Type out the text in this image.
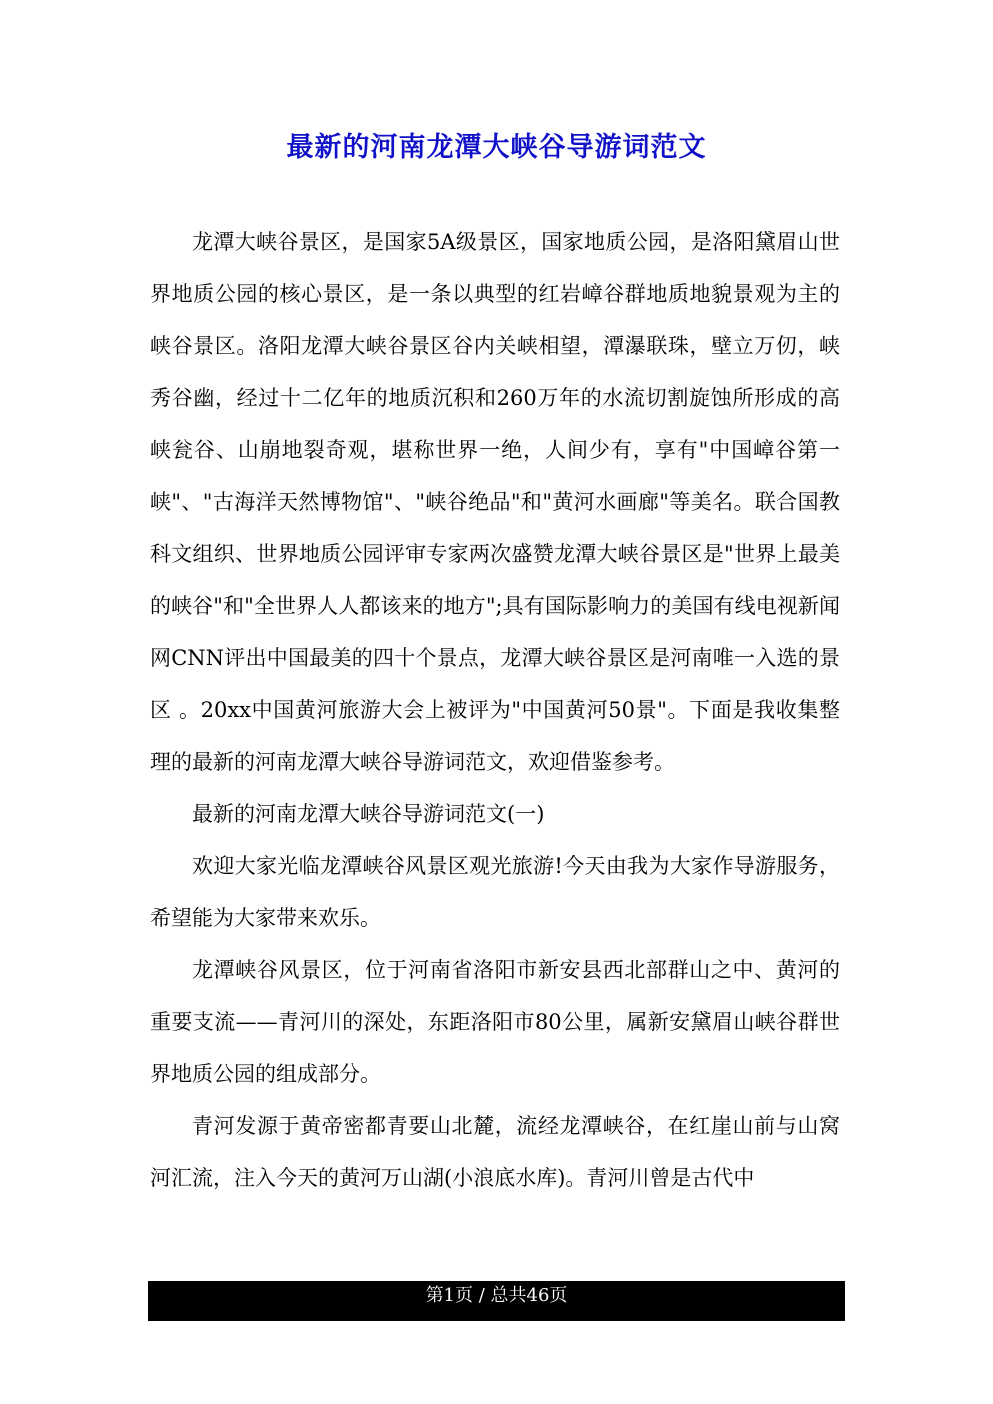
最新的河南龙潭大峡谷导游词范文

龙潭大峡谷景区，是国家5A级景区，国家地质公园，是洛阳黛眉山世界地质公园的核心景区，是一条以典型的红岩嶂谷群地质地貌景观为主的峡谷景区。洛阳龙潭大峡谷景区谷内关峡相望，潭瀑联珠，壁立万仞，峡秀谷幽，经过十二亿年的地质沉积和260万年的水流切割旋蚀所形成的高峡瓮谷、山崩地裂奇观，堪称世界一绝，人间少有，享有"中国嶂谷第一峡"、"古海洋天然博物馆"、"峡谷绝品"和"黄河水画廊"等美名。联合国教科文组织、世界地质公园评审专家两次盛赞龙潭大峡谷景区是"世界上最美的峡谷"和"全世界人人都该来的地方";具有国际影响力的美国有线电视新闻网CNN评出中国最美的四十个景点，龙潭大峡谷景区是河南唯一入选的景区 。20xx中国黄河旅游大会上被评为"中国黄河50景"。下面是我收集整理的最新的河南龙潭大峡谷导游词范文，欢迎借鉴参考。

最新的河南龙潭大峡谷导游词范文(一)

欢迎大家光临龙潭峡谷风景区观光旅游!今天由我为大家作导游服务，希望能为大家带来欢乐。

龙潭峡谷风景区，位于河南省洛阳市新安县西北部群山之中、黄河的重要支流——青河川的深处，东距洛阳市80公里，属新安黛眉山峡谷群世界地质公园的组成部分。

青河发源于黄帝密都青要山北麓，流经龙潭峡谷，在红崖山前与山窝河汇流，注入今天的黄河万山湖(小浪底水库)。青河川曾是古代中

第1页 / 总共46页
